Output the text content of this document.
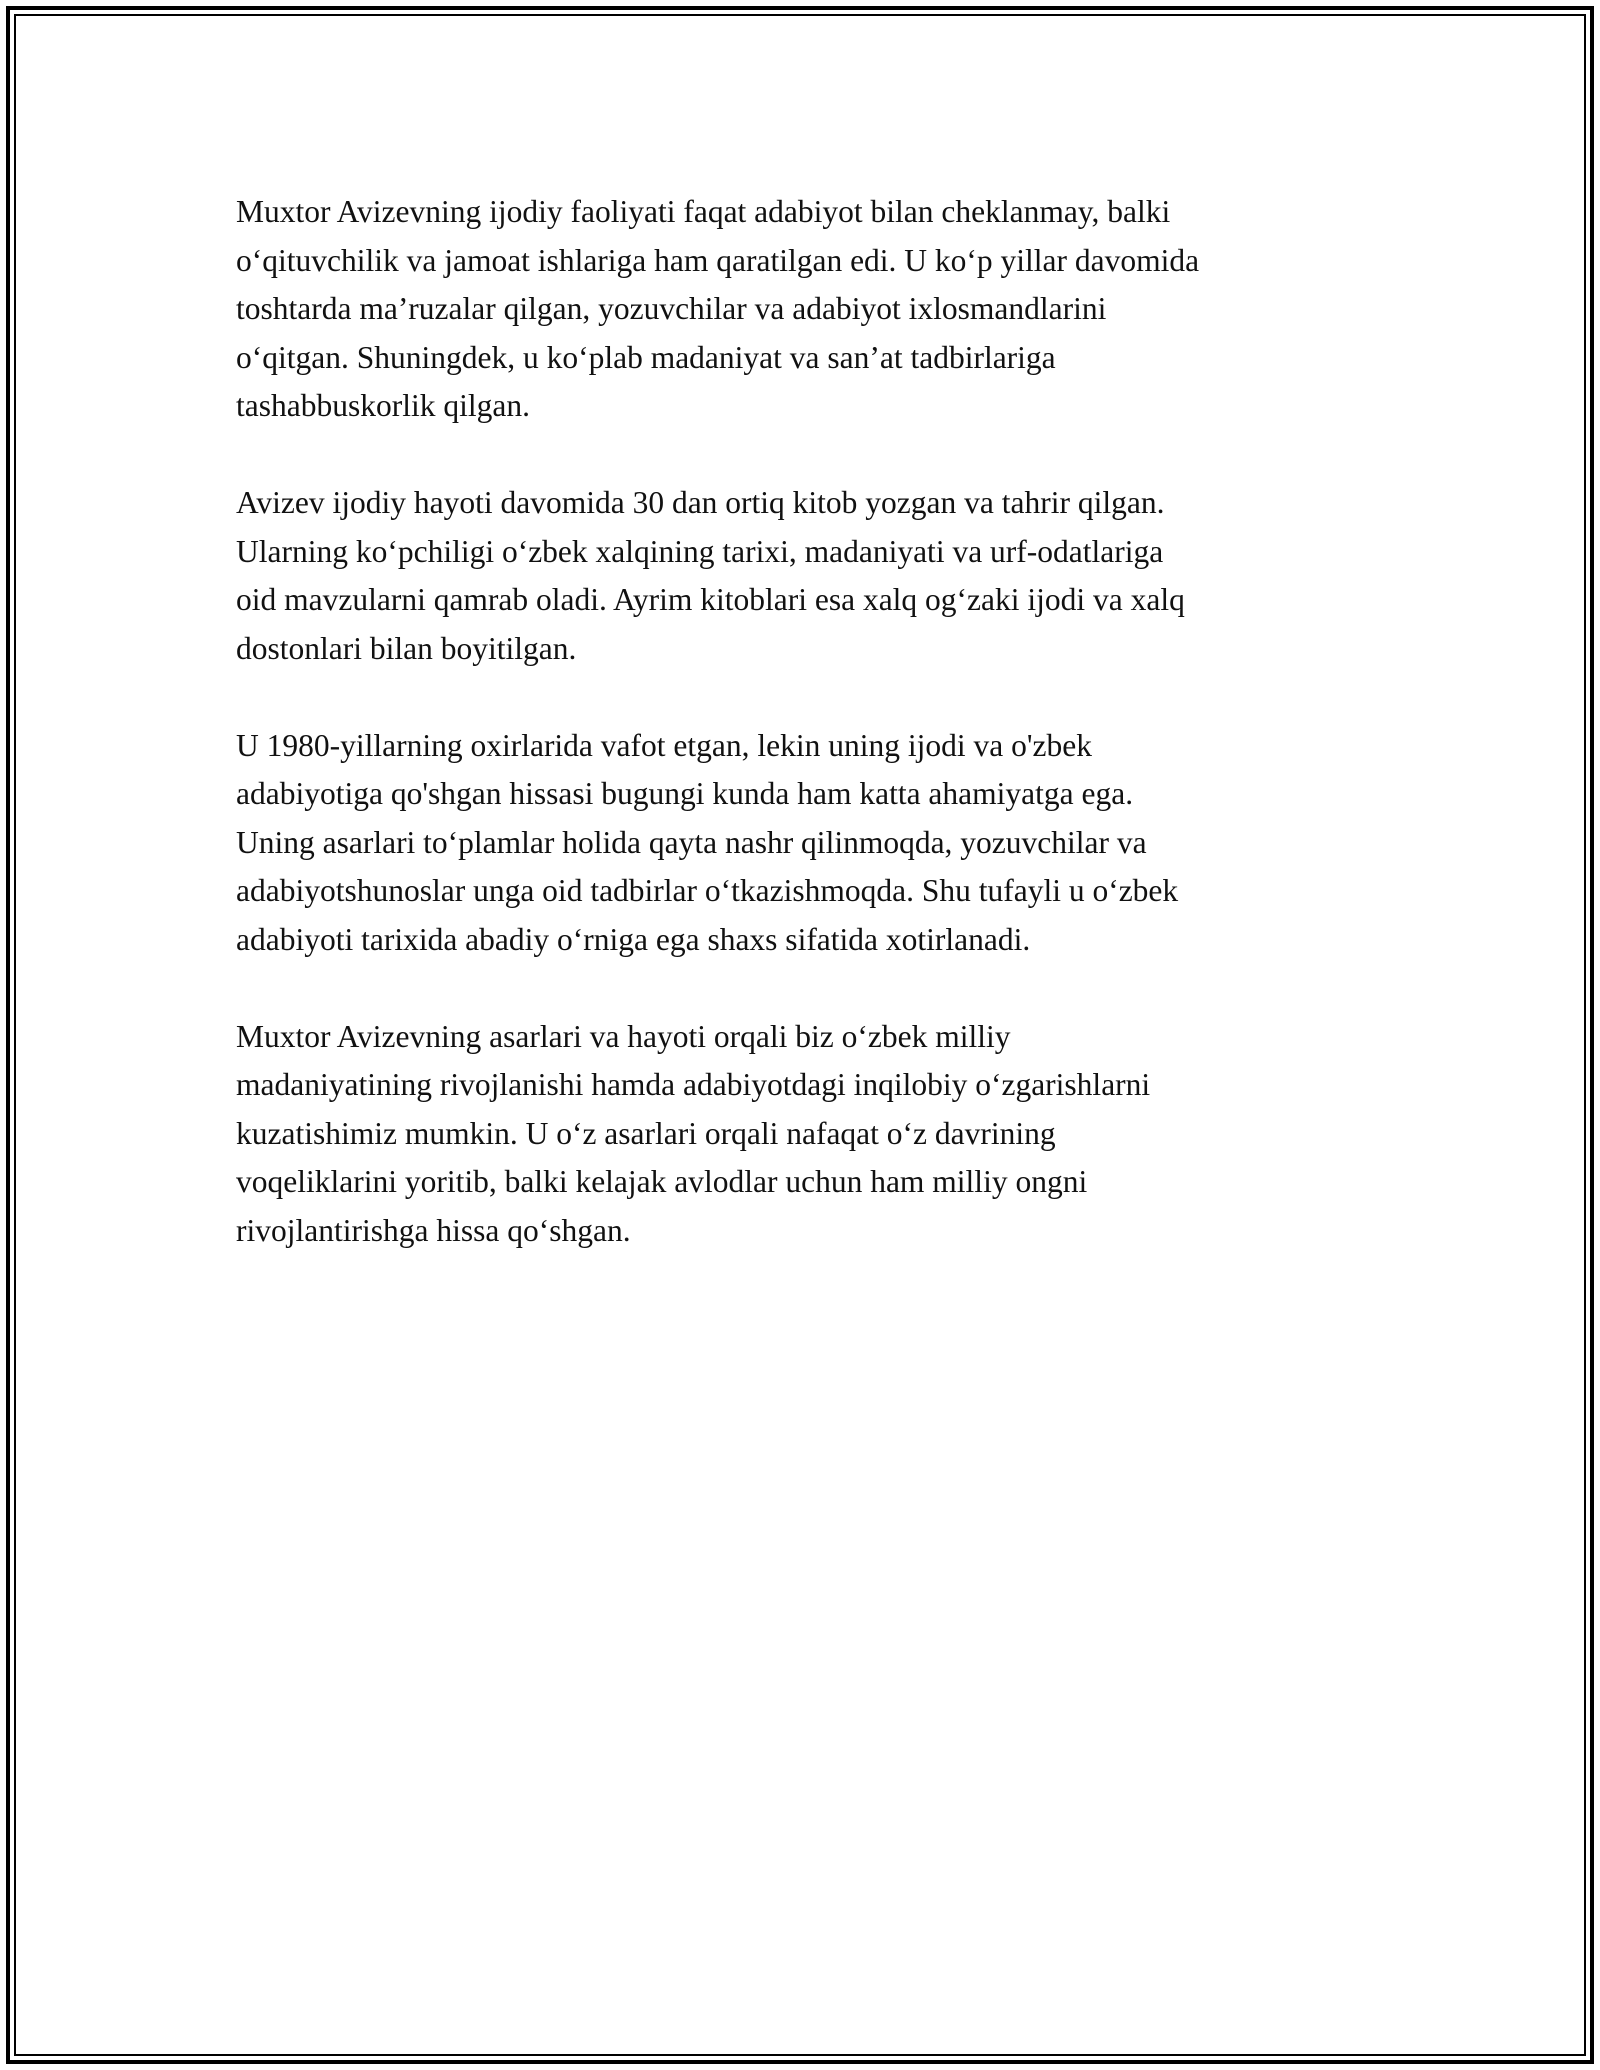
Muxtor Avizevning ijodiy faoliyati faqat adabiyot bilan cheklanmay, balki
o‘qituvchilik va jamoat ishlariga ham qaratilgan edi. U ko‘p yillar davomida
toshtarda ma’ruzalar qilgan, yozuvchilar va adabiyot ixlosmandlarini
o‘qitgan. Shuningdek, u ko‘plab madaniyat va san’at tadbirlariga
tashabbuskorlik qilgan.

Avizev ijodiy hayoti davomida 30 dan ortiq kitob yozgan va tahrir qilgan.
Ularning ko‘pchiligi o‘zbek xalqining tarixi, madaniyati va urf-odatlariga
oid mavzularni qamrab oladi. Ayrim kitoblari esa xalq og‘zaki ijodi va xalq
dostonlari bilan boyitilgan.

U 1980-yillarning oxirlarida vafot etgan, lekin uning ijodi va o'zbek
adabiyotiga qo'shgan hissasi bugungi kunda ham katta ahamiyatga ega.
Uning asarlari to‘plamlar holida qayta nashr qilinmoqda, yozuvchilar va
adabiyotshunoslar unga oid tadbirlar o‘tkazishmoqda. Shu tufayli u o‘zbek
adabiyoti tarixida abadiy o‘rniga ega shaxs sifatida xotirlanadi.

Muxtor Avizevning asarlari va hayoti orqali biz o‘zbek milliy
madaniyatining rivojlanishi hamda adabiyotdagi inqilobiy o‘zgarishlarni
kuzatishimiz mumkin. U o‘z asarlari orqali nafaqat o‘z davrining
voqeliklarini yoritib, balki kelajak avlodlar uchun ham milliy ongni
rivojlantirishga hissa qo‘shgan.
